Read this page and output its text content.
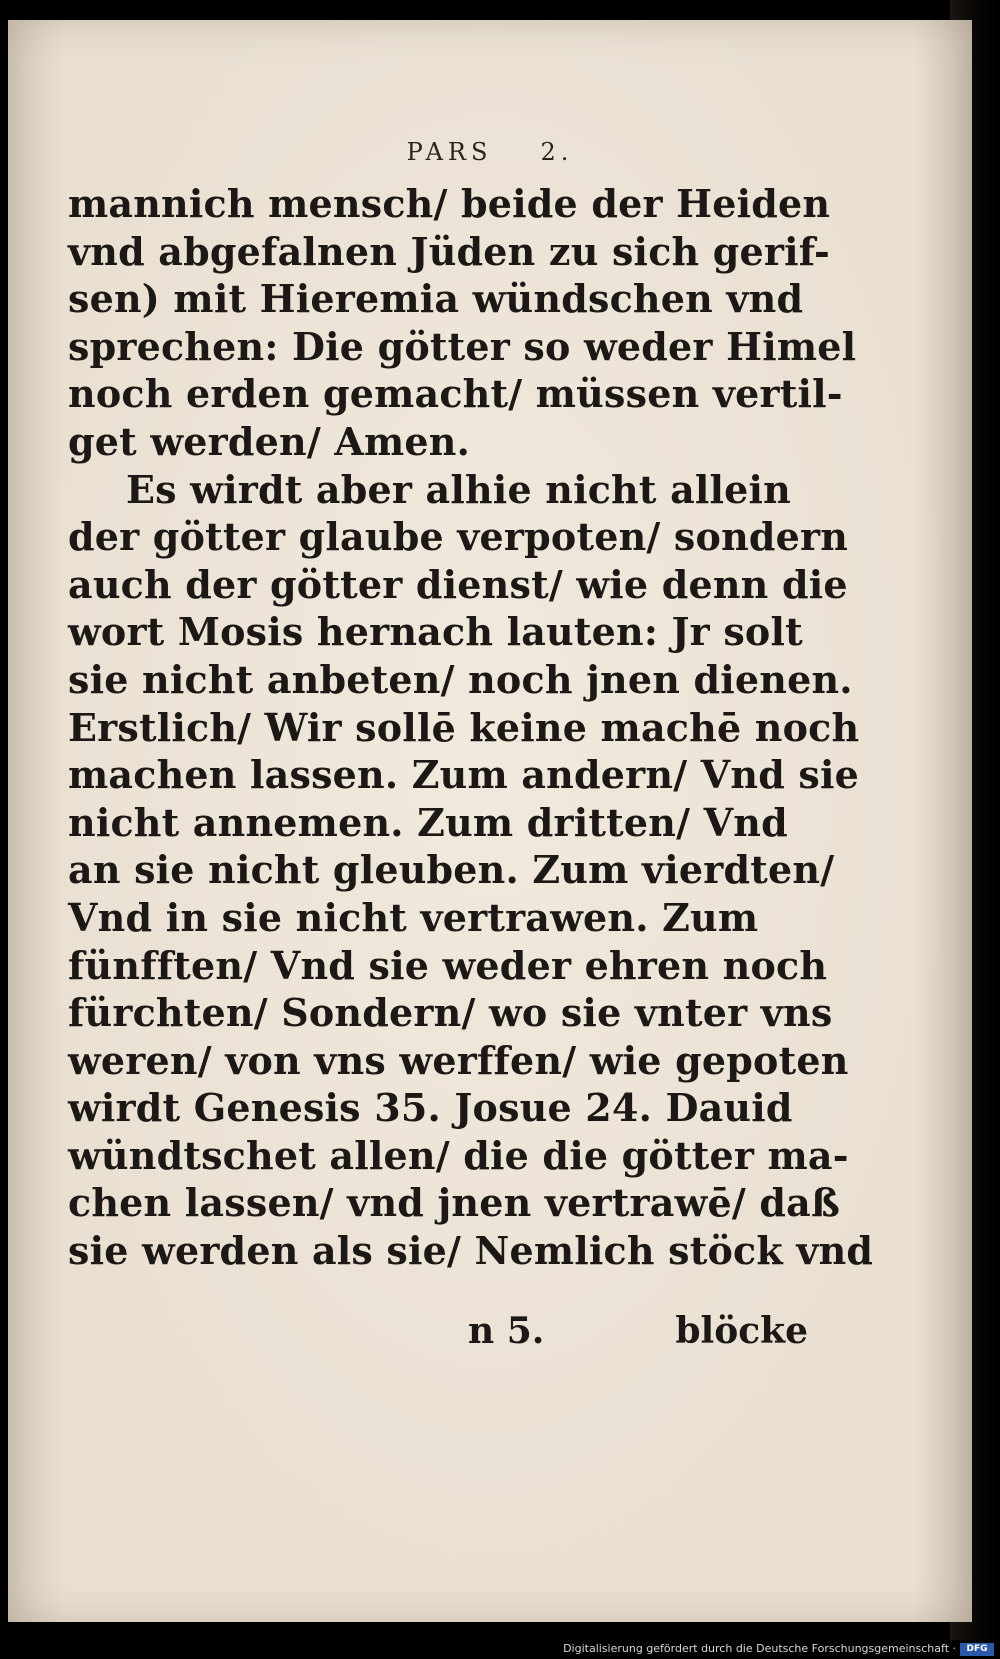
PARS 2.
mannich mensch/ beide der Heiden
vnd abgefalnen Jüden zu sich gerif-
sen) mit Hieremia wündschen vnd
sprechen: Die götter so weder Himel
noch erden gemacht/ müssen vertil-
get werden/ Amen.
Es wirdt aber alhie nicht allein
der götter glaube verpoten/ sondern
auch der götter dienst/ wie denn die
wort Mosis hernach lauten: Jr solt
sie nicht anbeten/ noch jnen dienen.
Erstlich/ Wir sollē keine machē noch
machen lassen. Zum andern/ Vnd sie
nicht annemen. Zum dritten/ Vnd
an sie nicht gleuben. Zum vierdten/
Vnd in sie nicht vertrawen. Zum
fünfften/ Vnd sie weder ehren noch
fürchten/ Sondern/ wo sie vnter vns
weren/ von vns werffen/ wie gepoten
wirdt Genesis 35. Josue 24. Dauid
wündtschet allen/ die die götter ma-
chen lassen/ vnd jnen vertrawē/ daß
sie werden als sie/ Nemlich stöck vnd
n 5.	blöcke
Digitalisierung gefördert durch die Deutsche Forschungsgemeinschaft ·	DFG
